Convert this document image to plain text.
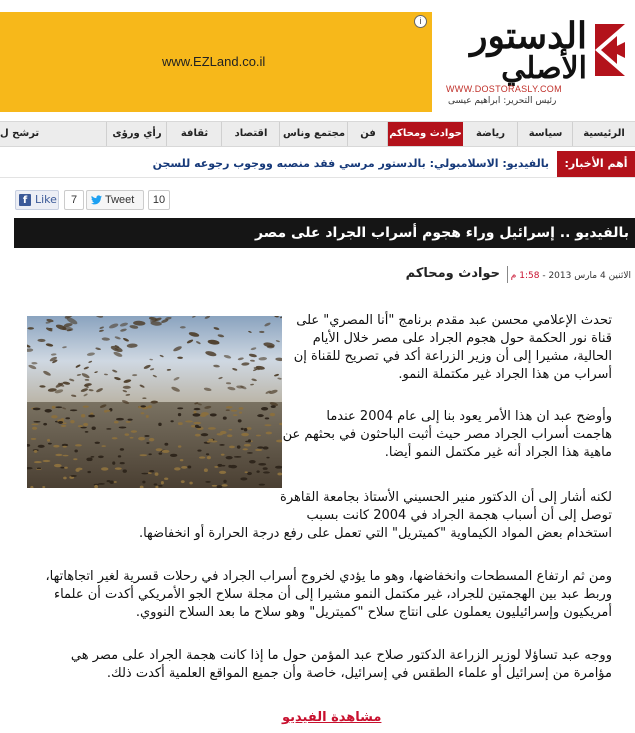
i
www.EZLand.co.il
الدستور
الأصلي
WWW.DOSTORASLY.COM
رئيس التحرير: ابراهيم عيسى
الرئيسية
سياسة
رياضة
حوادث ومحاكم
فن
مجتمع وناس
اقتصاد
ثقافة
رأي ورؤى
ترشح ل
أهم الأخبار:
بالفيديو: الاسلامبولي: بالدستور مرسي فقد منصبه ووجوب رجوعه للسجن
f Like	7	Tweet	10
بالفيديو .. إسرائيل وراء هجوم أسراب الجراد على مصر
حوادث ومحاكم	الاثنين 4 مارس 2013 - 1:58 م
تحدث الإعلامي محسن عبد مقدم برنامج "أنا المصري" على
قناة نور الحكمة حول هجوم الجراد على مصر خلال الأيام
الحالية، مشيرا إلى أن وزير الزراعة أكد في تصريح للقناة إن
أسراب من هذا الجراد غير مكتملة النمو.
وأوضح عبد ان هذا الأمر يعود بنا إلى عام 2004 عندما
هاجمت أسراب الجراد مصر حيث أثبت الباحثون في بحثهم عن
ماهية هذا الجراد أنه غير مكتمل النمو أيضا.
لكنه أشار إلى أن الدكتور منير الحسيني الأستاذ بجامعة القاهرة
توصل إلى أن أسباب هجمة الجراد في 2004 كانت بسبب
استخدام بعض المواد الكيماوية "كميتريل" التي تعمل على رفع درجة الحرارة أو انخفاضها.
ومن ثم ارتفاع المسطحات وانخفاضها، وهو ما يؤدي لخروج أسراب الجراد في رحلات قسرية لغير اتجاهاتها،
وربط عبد بين الهجمتين للجراد، غير مكتمل النمو مشيرا إلى أن مجلة سلاح الجو الأمريكي أكدت أن علماء
أمريكيون وإسرائيليون يعملون على انتاج سلاح "كميتريل" وهو سلاح ما بعد السلاح النووي.
ووجه عبد تساؤلا لوزير الزراعة الدكتور صلاح عبد المؤمن حول ما إذا كانت هجمة الجراد على مصر هي
مؤامرة من إسرائيل أو علماء الطقس في إسرائيل، خاصة وأن جميع المواقع العلمية أكدت ذلك.
مشاهدة الفيديو
